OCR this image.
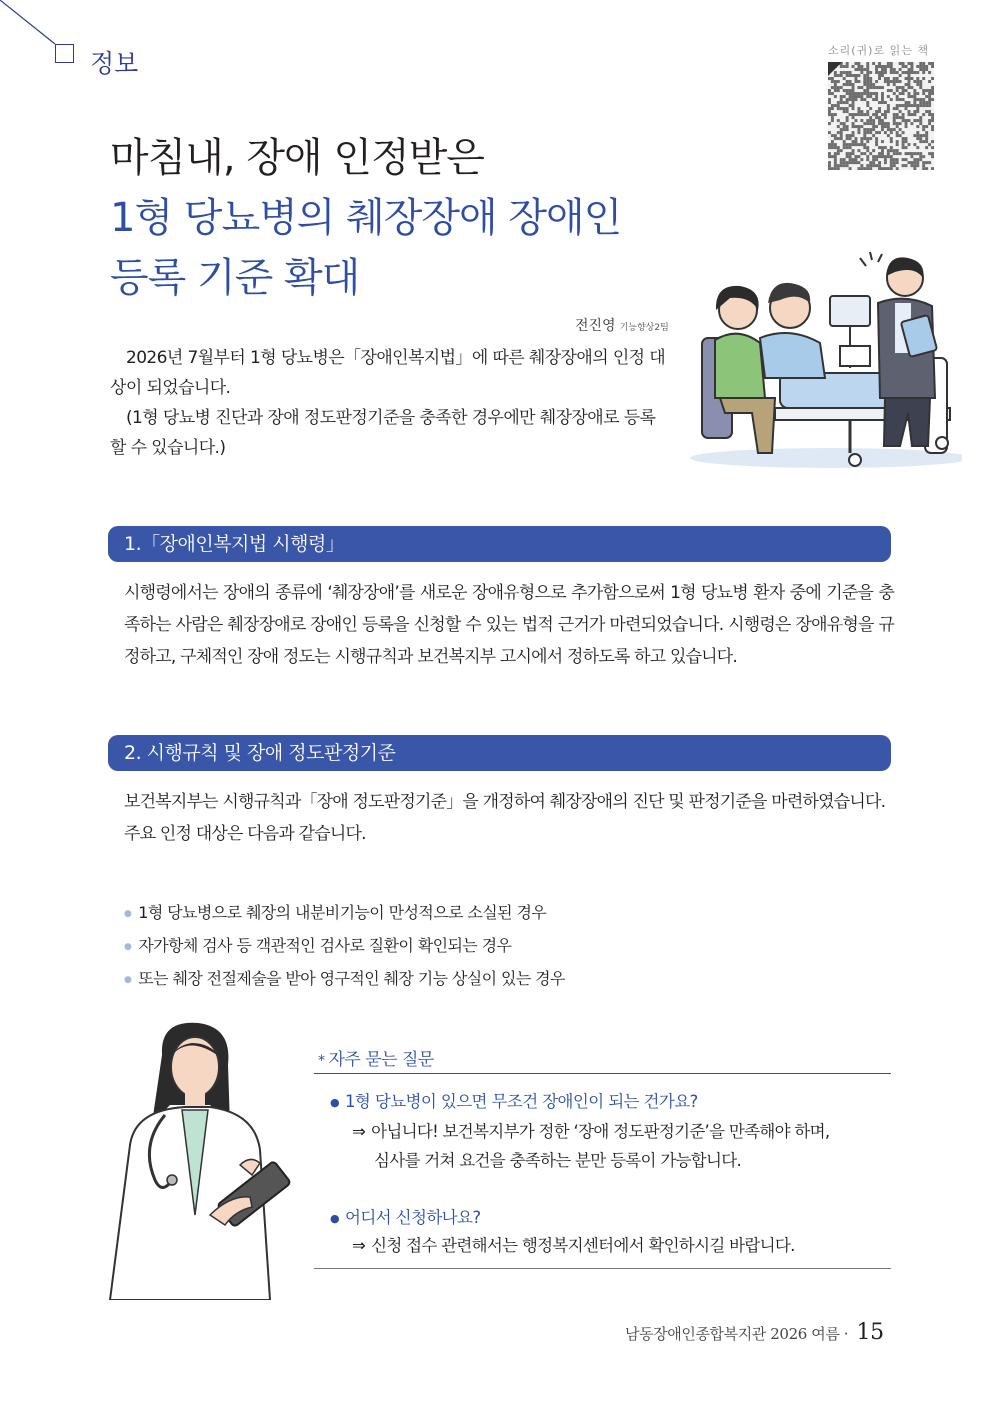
정보	소리(귀)로 읽는 책
마침내, 장애 인정받은
1형 당뇨병의 췌장장애 장애인
등록 기준 확대
전진영 기능향상2팀

2026년 7월부터 1형 당뇨병은「장애인복지법」에 따른 췌장장애의 인정 대상이 되었습니다.

(1형 당뇨병 진단과 장애 정도판정기준을 충족한 경우에만 췌장장애로 등록할 수 있습니다.)

1.「장애인복지법 시행령」
시행령에서는 장애의 종류에 ‘췌장장애’를 새로운 장애유형으로 추가함으로써 1형 당뇨병 환자 중에 기준을 충족하는 사람은 췌장장애로 장애인 등록을 신청할 수 있는 법적 근거가 마련되었습니다. 시행령은 장애유형을 규정하고, 구체적인 장애 정도는 시행규칙과 보건복지부 고시에서 정하도록 하고 있습니다.
2. 시행규칙 및 장애 정도판정기준

보건복지부는 시행규칙과「장애 정도판정기준」을 개정하여 췌장장애의 진단 및 판정기준을 마련하였습니다.

주요 인정 대상은 다음과 같습니다.

● 1형 당뇨병으로 췌장의 내분비기능이 만성적으로 소실된 경우
● 자가항체 검사 등 객관적인 검사로 질환이 확인되는 경우
● 또는 췌장 전절제술을 받아 영구적인 췌장 기능 상실이 있는 경우
* 자주 묻는 질문
● 1형 당뇨병이 있으면 무조건 장애인이 되는 건가요?
⇒ 아닙니다! 보건복지부가 정한 ‘장애 정도판정기준’을 만족해야 하며,
심사를 거쳐 요건을 충족하는 분만 등록이 가능합니다.
● 어디서 신청하나요?
⇒ 신청 접수 관련해서는 행정복지센터에서 확인하시길 바랍니다.
남동장애인종합복지관 2026 여름 · 15
